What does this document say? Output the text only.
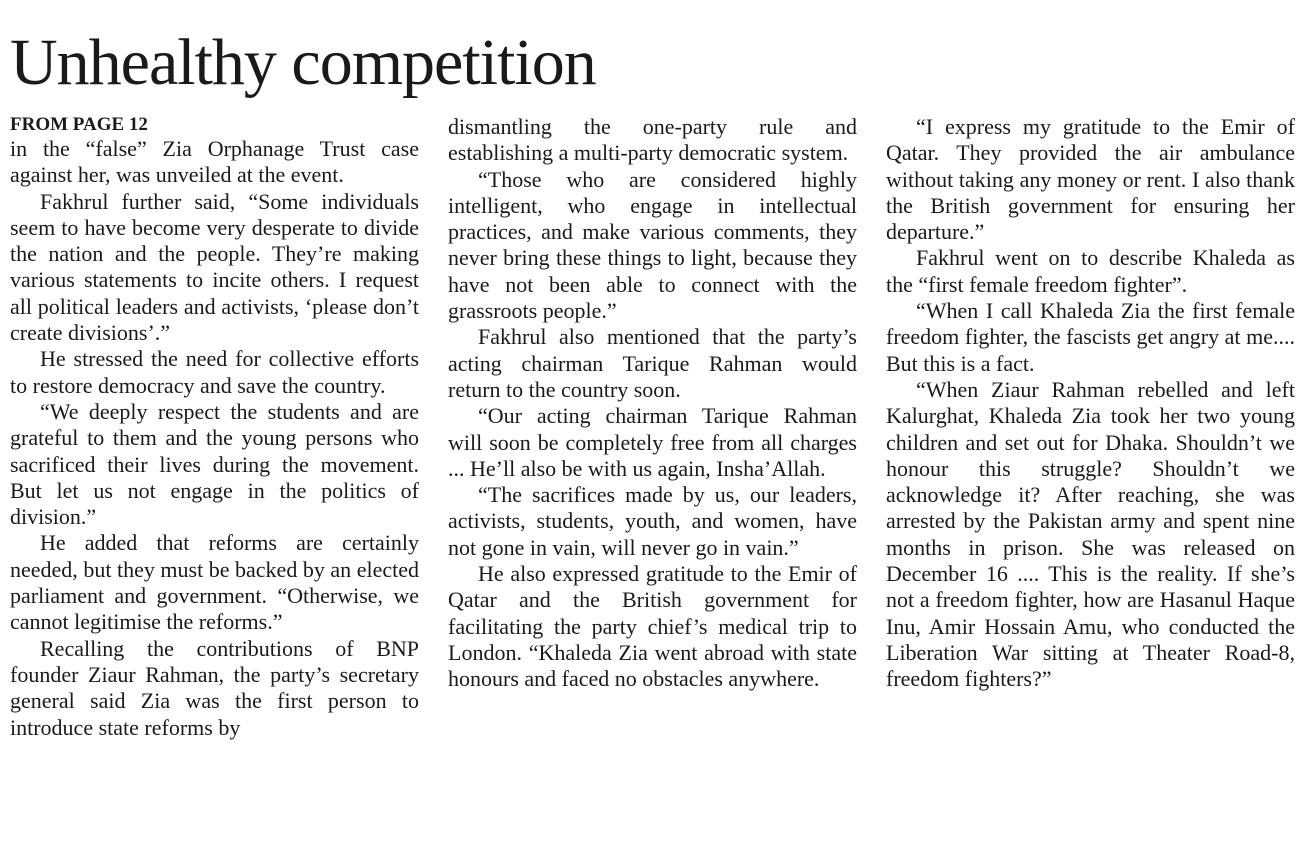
Unhealthy competition
FROM PAGE 12

in the “false” Zia Orphanage Trust case against her, was unveiled at the event.

Fakhrul further said, “Some individuals seem to have become very desperate to divide the nation and the people. They’re making various statements to incite others. I request all political leaders and activists, ‘please don’t create divisions’.”

He stressed the need for collective efforts to restore democracy and save the country.

“We deeply respect the students and are grateful to them and the young persons who sacrificed their lives during the movement. But let us not engage in the politics of division.”

He added that reforms are certainly needed, but they must be backed by an elected parliament and government. “Otherwise, we cannot legitimise the reforms.”

Recalling the contributions of BNP founder Ziaur Rahman, the party’s secretary general said Zia was the first person to introduce state reforms by

dismantling the one-party rule and establishing a multi-party democratic system.

“Those who are considered highly intelligent, who engage in intellectual practices, and make various comments, they never bring these things to light, because they have not been able to connect with the grassroots people.”

Fakhrul also mentioned that the party’s acting chairman Tarique Rahman would return to the country soon.

“Our acting chairman Tarique Rahman will soon be completely free from all charges ... He’ll also be with us again, Insha’Allah.

“The sacrifices made by us, our leaders, activists, students, youth, and women, have not gone in vain, will never go in vain.”

He also expressed gratitude to the Emir of Qatar and the British government for facilitating the party chief’s medical trip to London. “Khaleda Zia went abroad with state honours and faced no obstacles anywhere.

“I express my gratitude to the Emir of Qatar. They provided the air ambulance without taking any money or rent. I also thank the British government for ensuring her departure.”

Fakhrul went on to describe Khaleda as the “first female freedom fighter”.

“When I call Khaleda Zia the first female freedom fighter, the fascists get angry at me.... But this is a fact.

“When Ziaur Rahman rebelled and left Kalurghat, Khaleda Zia took her two young children and set out for Dhaka. Shouldn’t we honour this struggle? Shouldn’t we acknowledge it? After reaching, she was arrested by the Pakistan army and spent nine months in prison. She was released on December 16 .... This is the reality. If she’s not a freedom fighter, how are Hasanul Haque Inu, Amir Hossain Amu, who conducted the Liberation War sitting at Theater Road-8, freedom fighters?”
